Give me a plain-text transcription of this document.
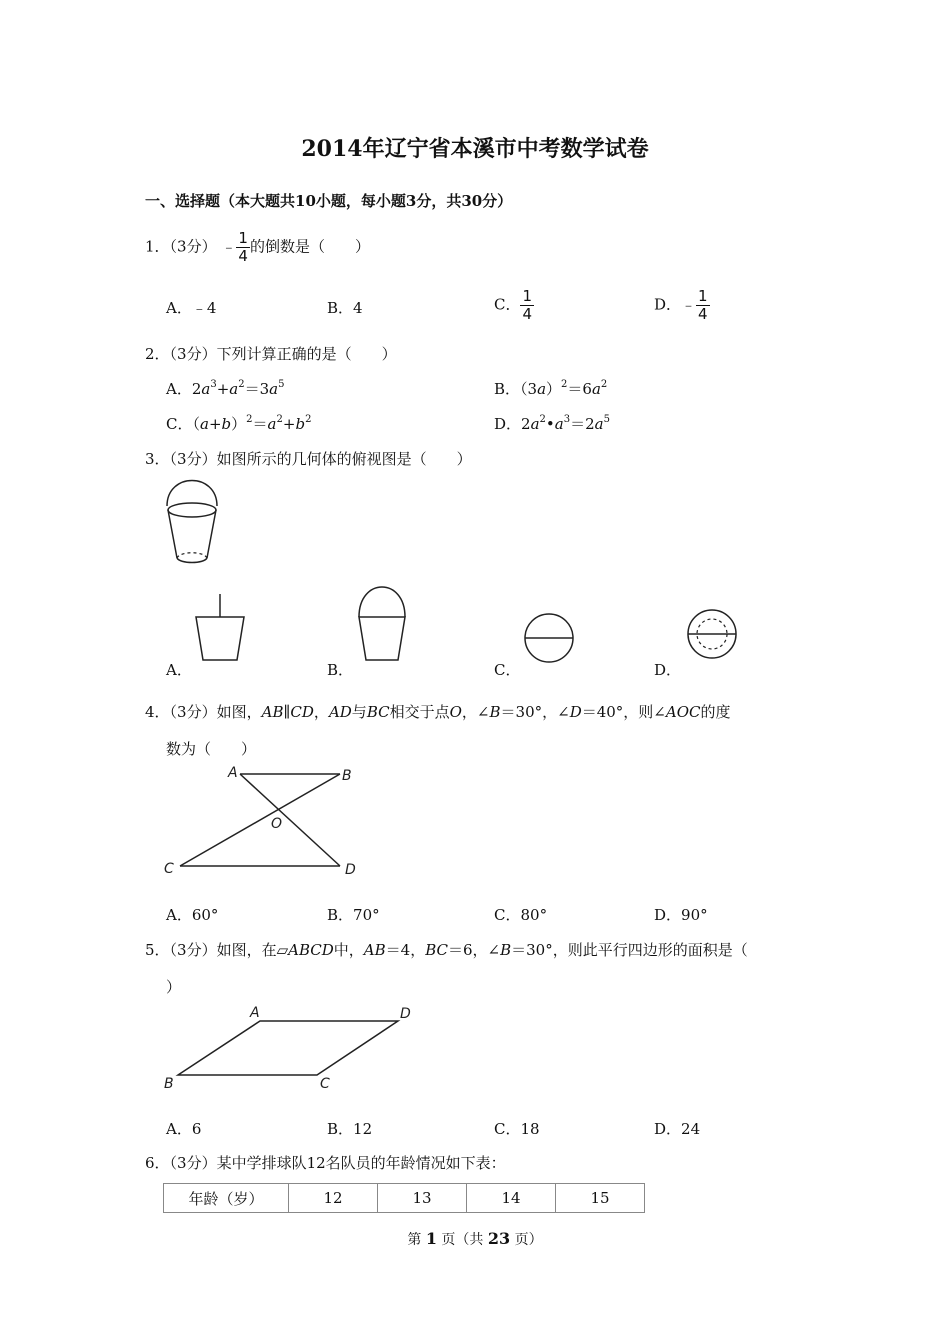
2014年辽宁省本溪市中考数学试卷
一、选择题（本大题共10小题，每小题3分，共30分）
1．（3分） ﹣ $\frac{1}{4}$ 的倒数是（　　）
A．﹣4	B．4	C． $\frac{1}{4}$	D．﹣ $\frac{1}{4}$
2．（3分）下列计算正确的是（　　）
A．$2a^3+a^2=3a^5$	B．$(3a)^2=6a^2$
C．$(a+b)^2=a^2+b^2$	D．$2a^2•a^3=2a^5$
3．（3分）如图所示的几何体的俯视图是（　　）
A．	B．	C．	D．
4．（3分）如图，AB∥CD，AD与BC相交于点O，∠B＝30°，∠D＝40°，则∠AOC的度
数为（　　）
A	B
O
C	D
A．60°	B．70°	C．80°	D．90°
5．（3分）如图，在▱ABCD中，AB＝4，BC＝6，∠B＝30°，则此平行四边形的面积是（
）
A	D
B	C
A．6	B．12	C．18	D．24
6．（3分）某中学排球队12名队员的年龄情况如下表：
年龄（岁）	12	13	14	15
第 1 页（共 23 页）
